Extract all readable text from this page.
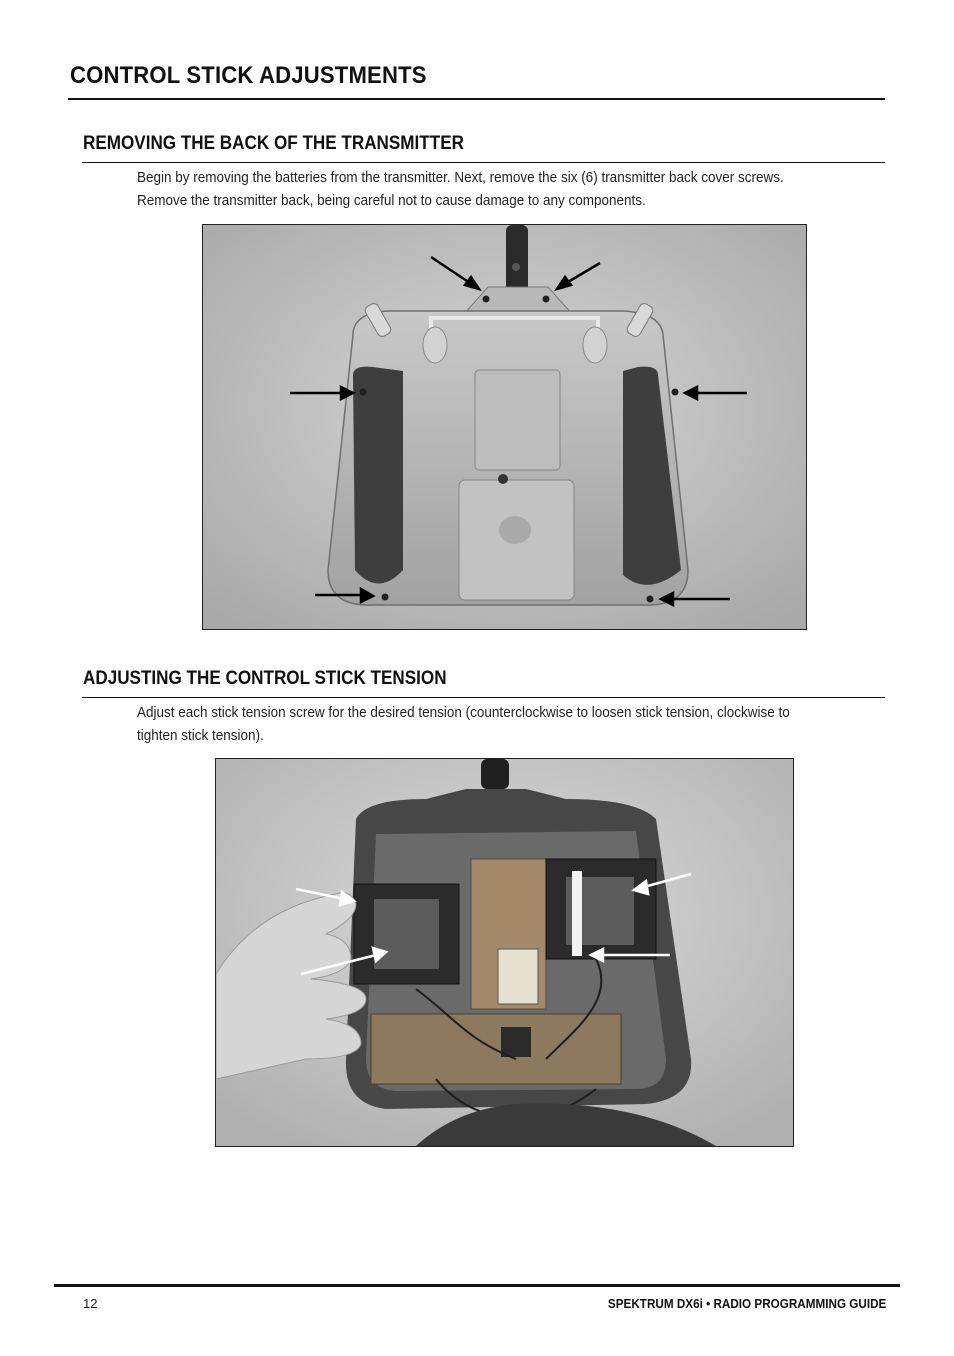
CONTROL STICK ADJUSTMENTS
REMOVING THE BACK OF THE TRANSMITTER
Begin by removing the batteries from the transmitter. Next, remove the six (6) transmitter back cover screws.
Remove the transmitter back, being careful not to cause damage to any components.
ADJUSTING THE CONTROL STICK TENSION
Adjust each stick tension screw for the desired tension (counterclockwise to loosen stick tension, clockwise to
tighten stick tension).
12	SPEKTRUM DX6i • RADIO PROGRAMMING GUIDE
